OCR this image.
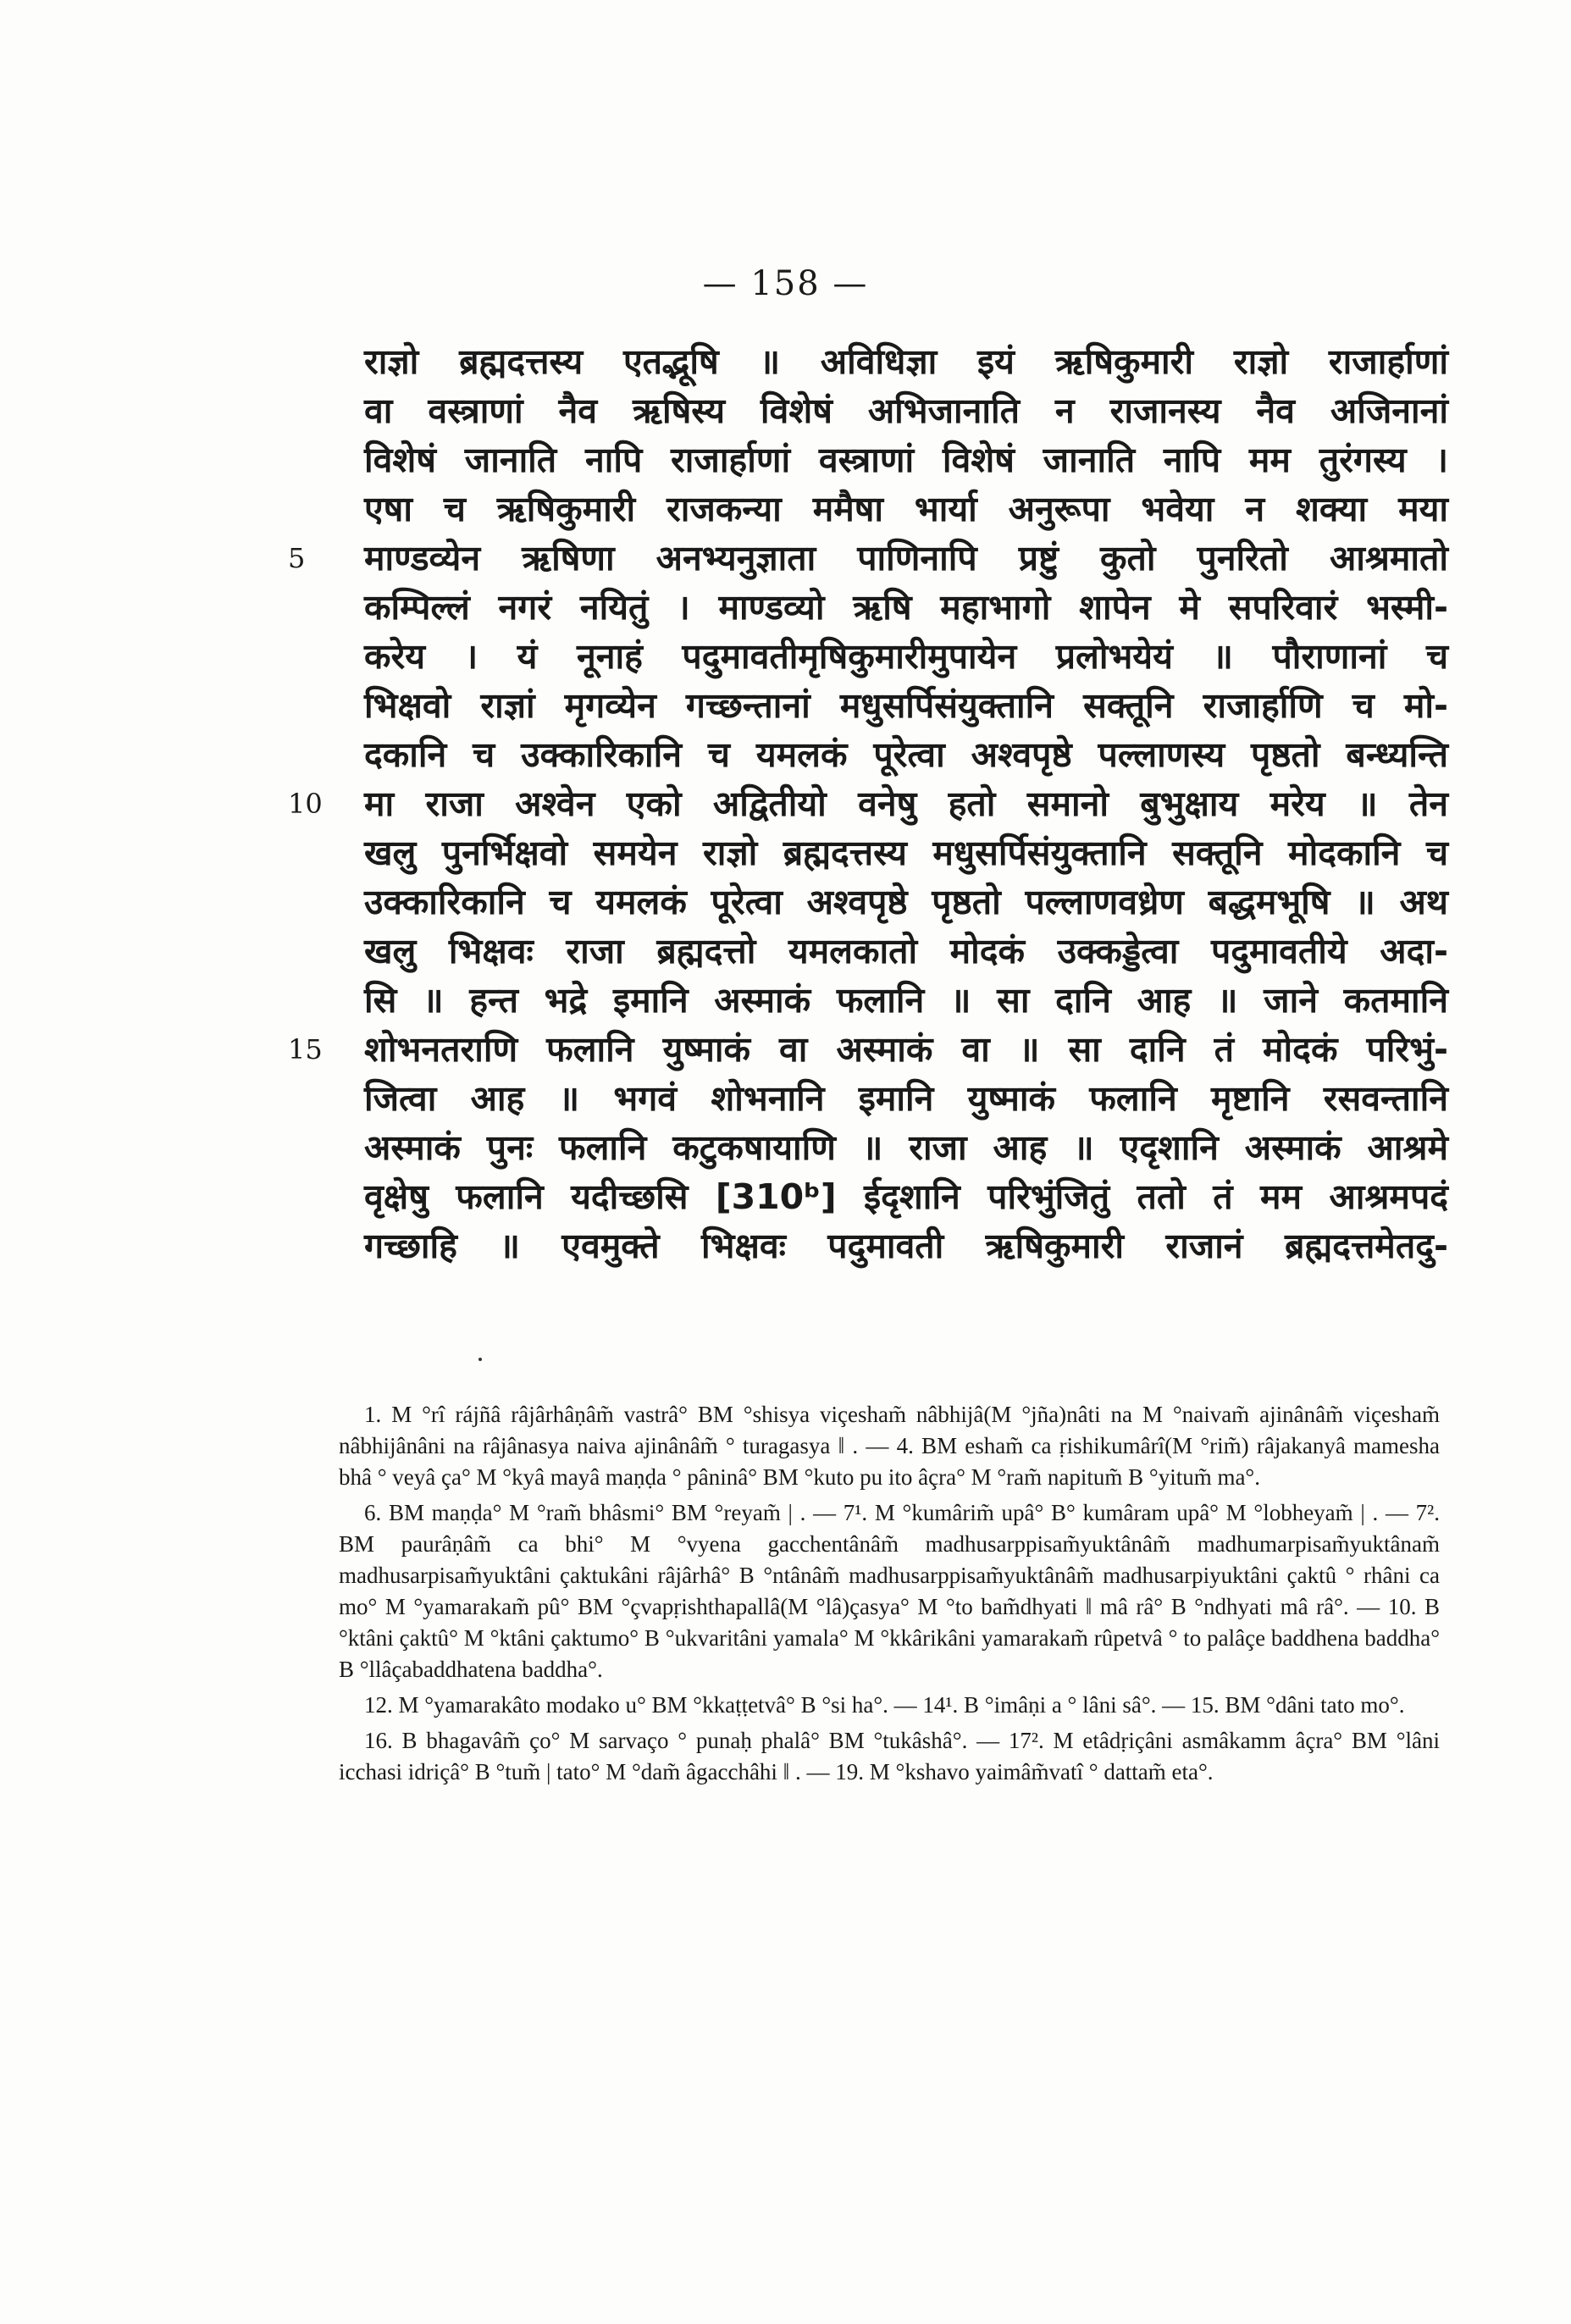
— 158 —
राज्ञो ब्रह्मदत्तस्य एतद्भूषि ॥ अविधिज्ञा इयं ऋषिकुमारी राज्ञो राजार्हाणां
वा वस्त्राणां नैव ऋषिस्य विशेषं अभिजानाति न राजानस्य नैव अजिनानां
विशेषं जानाति नापि राजार्हाणां वस्त्राणां विशेषं जानाति नापि मम तुरंगस्य ।
एषा च ऋषिकुमारी राजकन्या ममैषा भार्या अनुरूपा भवेया न शक्या मया
5	माण्डव्येन ऋषिणा अनभ्यनुज्ञाता पाणिनापि प्रष्टुं कुतो पुनरितो आश्रमातो
कम्पिल्लं नगरं नयितुं । माण्डव्यो ऋषि महाभागो शापेन मे सपरिवारं भस्मी-
करेय । यं नूनाहं पदुमावतीमृषिकुमारीमुपायेन प्रलोभयेयं ॥ पौराणानां च
भिक्षवो राज्ञां मृगव्येन गच्छन्तानां मधुसर्पिसंयुक्तानि सक्तूनि राजार्हाणि च मो-
दकानि च उक्कारिकानि च यमलकं पूरेत्वा अश्वपृष्ठे पल्लाणस्य पृष्ठतो बन्ध्यन्ति
10	मा राजा अश्वेन एको अद्वितीयो वनेषु हतो समानो बुभुक्षाय मरेय ॥ तेन
खलु पुनर्भिक्षवो समयेन राज्ञो ब्रह्मदत्तस्य मधुसर्पिसंयुक्तानि सक्तूनि मोदकानि च
उक्कारिकानि च यमलकं पूरेत्वा अश्वपृष्ठे पृष्ठतो पल्लाणवध्रेण बद्धमभूषि ॥ अथ
खलु भिक्षवः राजा ब्रह्मदत्तो यमलकातो मोदकं उक्कड्डेत्वा पदुमावतीये अदा-
सि ॥ हन्त भद्रे इमानि अस्माकं फलानि ॥ सा दानि आह ॥ जाने कतमानि
15	शोभनतराणि फलानि युष्माकं वा अस्माकं वा ॥ सा दानि तं मोदकं परिभुं-
जित्वा आह ॥ भगवं शोभनानि इमानि युष्माकं फलानि मृष्टानि रसवन्तानि
अस्माकं पुनः फलानि कटुकषायाणि ॥ राजा आह ॥ एदृशानि अस्माकं आश्रमे
वृक्षेषु फलानि यदीच्छसि [310ᵇ] ईदृशानि परिभुंजितुं ततो तं मम आश्रमपदं
गच्छाहि ॥ एवमुक्ते भिक्षवः पदुमावती ऋषिकुमारी राजानं ब्रह्मदत्तमेतदु-

1. M °rî rájñâ râjârhâṇâm̃ vastrâ° BM °shisya viçesham̃ nâbhijâ(M °jña)nâti na M °naivam̃ ajinânâm̃ viçesham̃ nâbhijânâni na râjânasya naiva ajinânâm̃ ° turagasya ‖ . — 4. BM esham̃ ca ṛishikumârî(M °rim̃) râjakanyâ mamesha bhâ ° veyâ ça° M °kyâ mayâ maṇḍa ° pâninâ° BM °kuto pu ito âçra° M °ram̃ napitum̃ B °yitum̃ ma°.

6. BM maṇḍa° M °ram̃ bhâsmi° BM °reyam̃ | . — 7¹. M °kumârim̃ upâ° B° kumâram upâ° M °lobheyam̃ | . — 7². BM paurâṇâm̃ ca bhi° M °vyena gacchentânâm̃ madhusarppisam̃yuktânâm̃ madhumarpisam̃yuktânam̃ madhusarpisam̃yuktâni çaktukâni râjârhâ° B °ntânâm̃ madhusarppisam̃yuktânâm̃ madhusarpiyuktâni çaktû ° rhâni ca mo° M °yamarakam̃ pû° BM °çvapṛishthapallâ(M °lâ)çasya° M °to bam̃dhyati ‖ mâ râ° B °ndhyati mâ râ°. — 10. B °ktâni çaktû° M °ktâni çaktumo° B °ukvaritâni yamala° M °kkârikâni yamarakam̃ rûpetvâ ° to palâçe baddhena baddha° B °llâçabaddhatena baddha°.

12. M °yamarakâto modako u° BM °kkaṭṭetvâ° B °si ha°. — 14¹. B °imâṇi a ° lâni sâ°. — 15. BM °dâni tato mo°.

16. B bhagavâm̃ ço° M sarvaço ° punaḥ phalâ° BM °tukâshâ°. — 17². M etâdṛiçâni asmâkamm âçra° BM °lâni icchasi idriçâ° B °tum̃ | tato° M °dam̃ âgacchâhi ‖ . — 19. M °kshavo yaimâm̃vatî ° dattam̃ eta°.
